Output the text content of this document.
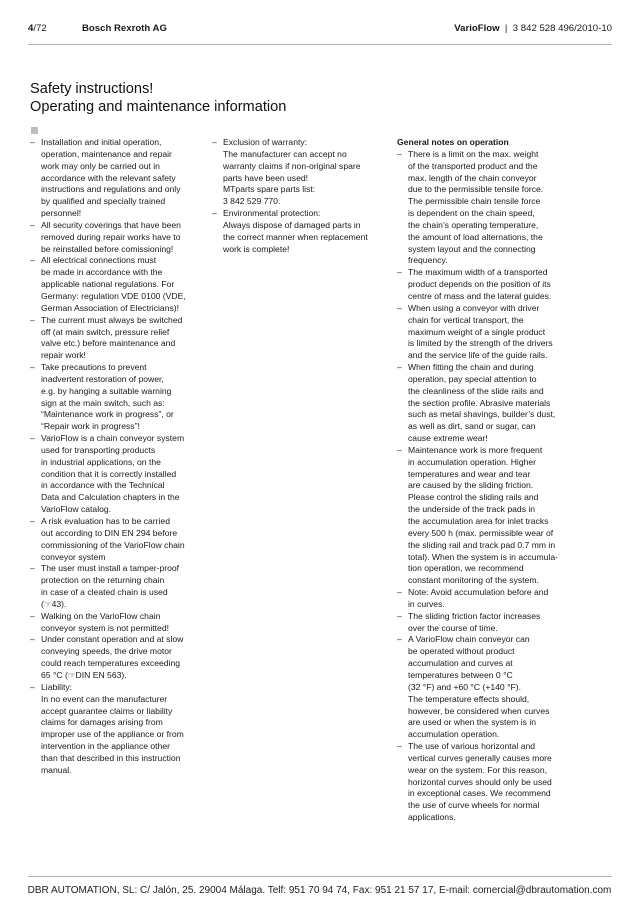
4/72	Bosch Rexroth AG	VarioFlow | 3 842 528 496/2010-10
Safety instructions!
Operating and maintenance information
– Installation and initial operation,
operation, maintenance and repair
work may only be carried out in
accordance with the relevant safety
instructions and regulations and only
by qualified and specially trained
personnel!
– All security coverings that have been
removed during repair works have to
be reinstalled before comissioning!
– All electrical connections must
be made in accordance with the
applicable national regulations. For
Germany: regulation VDE 0100 (VDE,
German Association of Electricians)!
– The current must always be switched
off (at main switch, pressure relief
valve etc.) before maintenance and
repair work!
– Take precautions to prevent
inadvertent restoration of power,
e.g. by hanging a suitable warning
sign at the main switch, such as:
“Maintenance work in progress”, or
“Repair work in progress”!
– VarioFlow is a chain conveyor system
used for transporting products
in industrial applications, on the
condition that it is correctly installed
in accordance with the Technical
Data and Calculation chapters in the
VarioFlow catalog.
– A risk evaluation has to be carried
out according to DIN EN 294 before
commissioning of the VarioFlow chain
conveyor system
– The user must install a tamper-proof
protection on the returning chain
in case of a cleated chain is used
(☞43).
– Walking on the VarioFlow chain
conveyor system is not permitted!
– Under constant operation and at slow
conveying speeds, the drive motor
could reach temperatures exceeding
65 °C (☞DIN EN 563).
– Liability:
In no event can the manufacturer
accept guarantee claims or liability
claims for damages arising from
improper use of the appliance or from
intervention in the appliance other
than that described in this instruction
manual.
– Exclusion of warranty:
The manufacturer can accept no
warranty claims if non-original spare
parts have been used!
MTparts spare parts list:
3 842 529 770.
– Environmental protection:
Always dispose of damaged parts in
the correct manner when replacement
work is complete!
General notes on operation
– There is a limit on the max. weight
of the transported product and the
max. length of the chain conveyor
due to the permissible tensile force.
The permissible chain tensile force
is dependent on the chain speed,
the chain’s operating temperature,
the amount of load alternations, the
system layout and the connecting
frequency.
– The maximum width of a transported
product depends on the position of its
centre of mass and the lateral guides.
– When using a conveyor with driver
chain for vertical transport, the
maximum weight of a single product
is limited by the strength of the drivers
and the service life of the guide rails.
– When fitting the chain and during
operation, pay special attention to
the cleanliness of the slide rails and
the section profile. Abrasive materials
such as metal shavings, builder’s dust,
as well as dirt, sand or sugar, can
cause extreme wear!
– Maintenance work is more frequent
in accumulation operation. Higher
temperatures and wear and tear
are caused by the sliding friction.
Please control the sliding rails and
the underside of the track pads in
the accumulation area for inlet tracks
every 500 h (max. permissible wear of
the sliding rail and track pad 0.7 mm in
total). When the system is in accumula-
tion operation, we recommend
constant monitoring of the system.
– Note: Avoid accumulation before and
in curves.
– The sliding friction factor increases
over the course of time.
– A VarioFlow chain conveyor can
be operated without product
accumulation and curves at
temperatures between 0 °C
(32 °F) and +60 °C (+140 °F).
The temperature effects should,
however, be considered when curves
are used or when the system is in
accumulation operation.
– The use of various horizontal and
vertical curves generally causes more
wear on the system. For this reason,
horizontal curves should only be used
in exceptional cases. We recommend
the use of curve wheels for normal
applications.
DBR AUTOMATION, SL: C/ Jalón, 25. 29004 Málaga. Telf: 951 70 94 74, Fax: 951 21 57 17, E-mail: comercial@dbrautomation.com
